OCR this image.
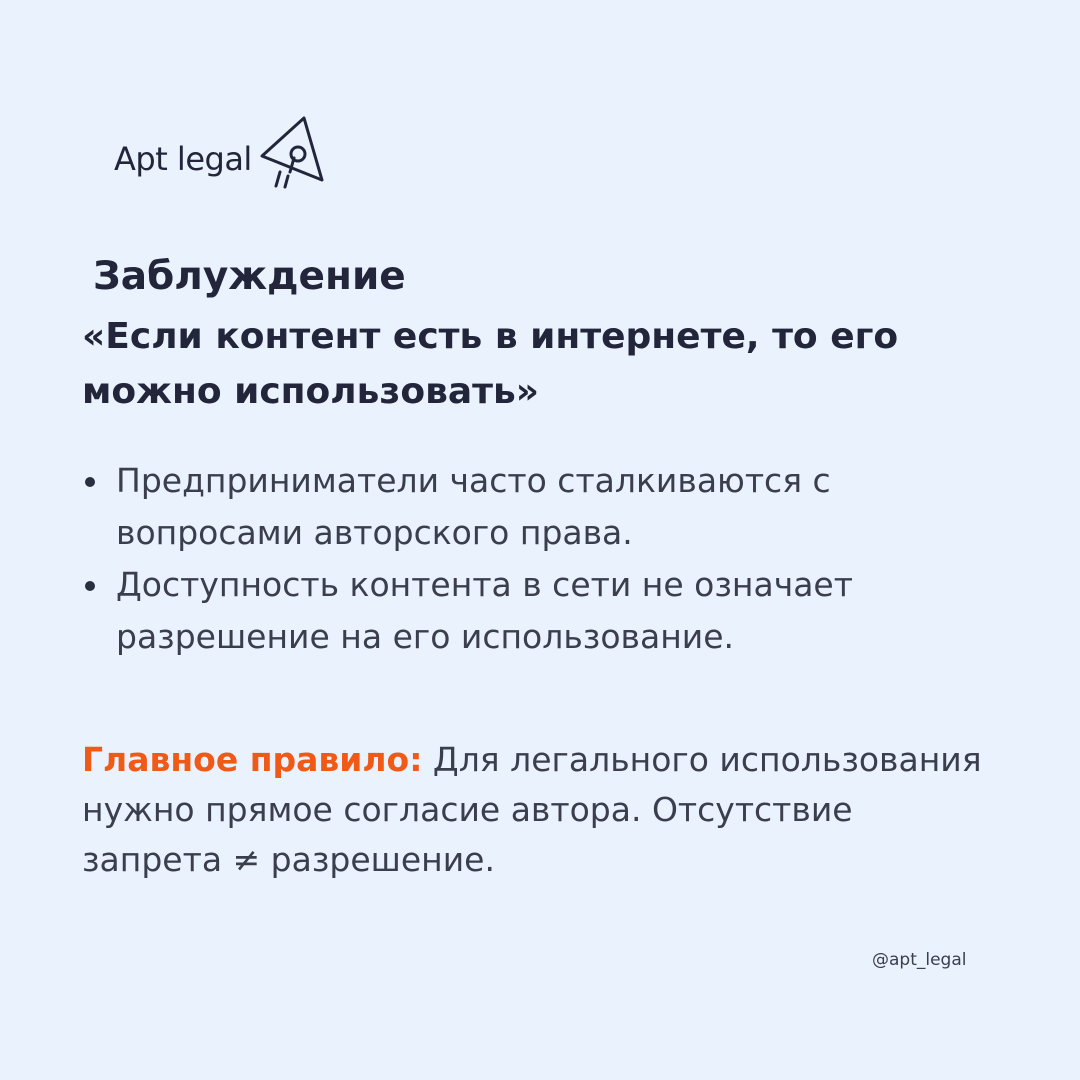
Apt legal
Заблуждение
«Если контент есть в интернете, то его можно использовать»
Предприниматели часто сталкиваются с вопросами авторского права.
Доступность контента в сети не означает разрешение на его использование.

Главное правило: Для легального использования нужно прямое согласие автора. Отсутствие запрета ≠ разрешение.

@apt_legal
